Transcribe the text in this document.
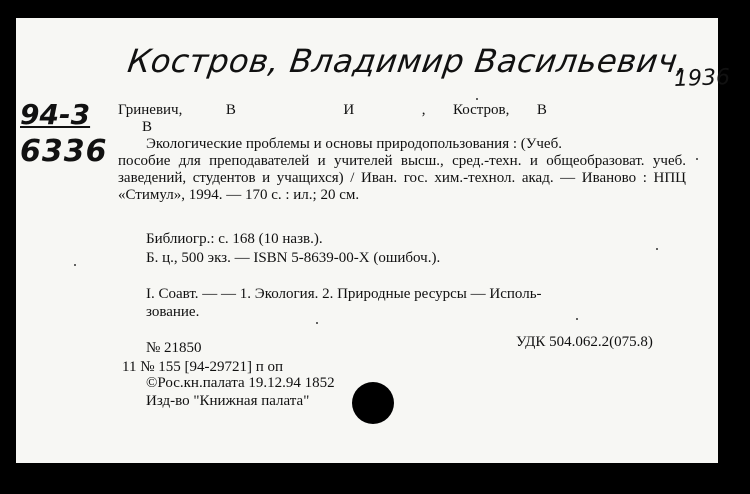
Костров, Владимир Васильевич,
1936
94-3
6336
Гриневич,	В	И	, Костров, В
В

Экологические проблемы и основы природопользования : (Учеб.

пособие для преподавателей и учителей высш., сред.-техн. и общеобразоват. учеб. заведений, студентов и учащихся) / Иван. гос. хим.-технол. акад. — Иваново : НПЦ «Стимул», 1994. — 170 с. : ил.; 20 см.

Библиогр.: с. 168 (10 назв.).
Б. ц., 500 экз. — ISBN 5-8639-00-X (ошибоч.).
I. Соавт. — — 1. Экология. 2. Природные ресурсы — Исполь-
зование.
№ 21850	УДК 504.062.2(075.8)
11 № 155 [94-29721] п оп
©Рос.кн.палата 19.12.94 1852
Изд-во "Книжная палата"
